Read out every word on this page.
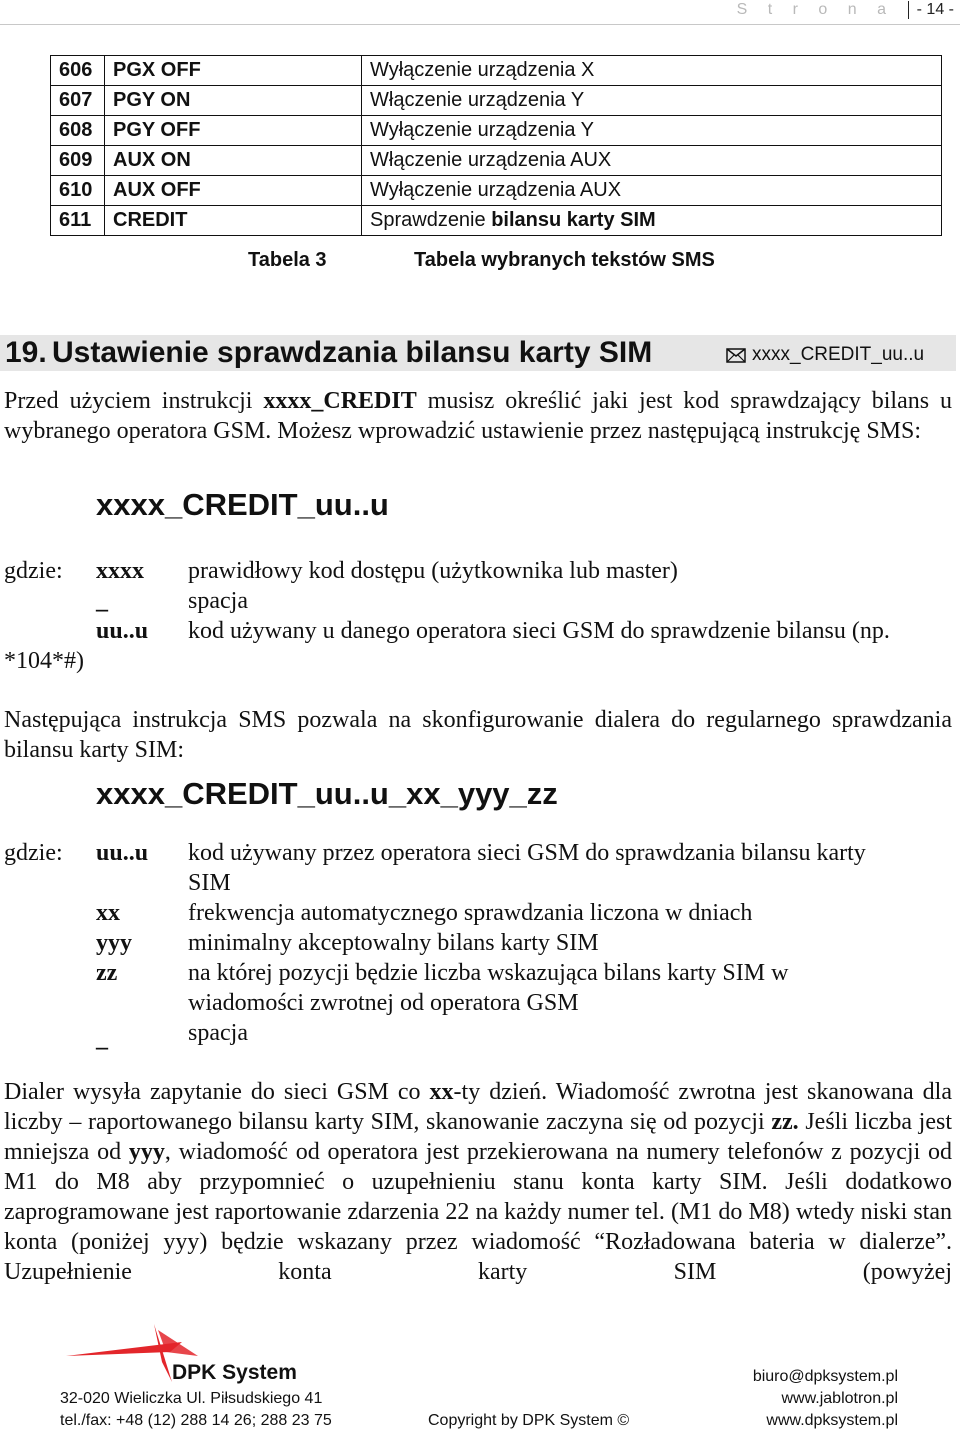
S t r o n a	- 14 -
606	PGX OFF	Wyłączenie urządzenia X
607	PGY ON	Włączenie urządzenia Y
608	PGY OFF	Wyłączenie urządzenia Y
609	AUX ON	Włączenie urządzenia AUX
610	AUX OFF	Wyłączenie urządzenia AUX
611	CREDIT	Sprawdzenie bilansu karty SIM
Tabela 3	Tabela wybranych tekstów SMS
19. Ustawienie sprawdzania bilansu karty SIM	xxxx_CREDIT_uu..u
Przed użyciem instrukcji xxxx_CREDIT musisz określić jaki jest kod sprawdzający bilans u wybranego operatora GSM. Możesz wprowadzić ustawienie przez następującą instrukcję SMS:
xxxx_CREDIT_uu..u
gdzie: xxxx	prawidłowy kod dostępu (użytkownika lub master)
_	spacja
uu..u	kod używany u danego operatora sieci GSM do sprawdzenie bilansu (np.
*104*#)
Następująca instrukcja SMS pozwala na skonfigurowanie dialera do regularnego sprawdzania bilansu karty SIM:
xxxx_CREDIT_uu..u_xx_yyy_zz
gdzie: uu..u	kod używany przez operatora sieci GSM do sprawdzania bilansu karty SIM
xx	frekwencja automatycznego sprawdzania liczona w dniach
yyy	minimalny akceptowalny bilans karty SIM
zz	na której pozycji będzie liczba wskazująca bilans karty SIM w wiadomości zwrotnej od operatora GSM
_	spacja
Dialer wysyła zapytanie do sieci GSM co xx-ty dzień. Wiadomość zwrotna jest skanowana dla liczby – raportowanego bilansu karty SIM, skanowanie zaczyna się od pozycji zz. Jeśli liczba jest mniejsza od yyy, wiadomość od operatora jest przekierowana na numery telefonów z pozycji od M1 do M8 aby przypomnieć o uzupełnieniu stanu konta karty SIM. Jeśli dodatkowo zaprogramowane jest raportowanie zdarzenia 22 na każdy numer tel. (M1 do M8) wtedy niski stan konta (poniżej yyy) będzie wskazany przez wiadomość “Rozładowana bateria w dialerze”. Uzupełnienie konta karty SIM (powyżej
DPK System
32-020 Wieliczka Ul. Piłsudskiego 41
tel./fax: +48 (12) 288 14 26; 288 23 75	Copyright by DPK System ©
biuro@dpksystem.pl
www.jablotron.pl
www.dpksystem.pl
